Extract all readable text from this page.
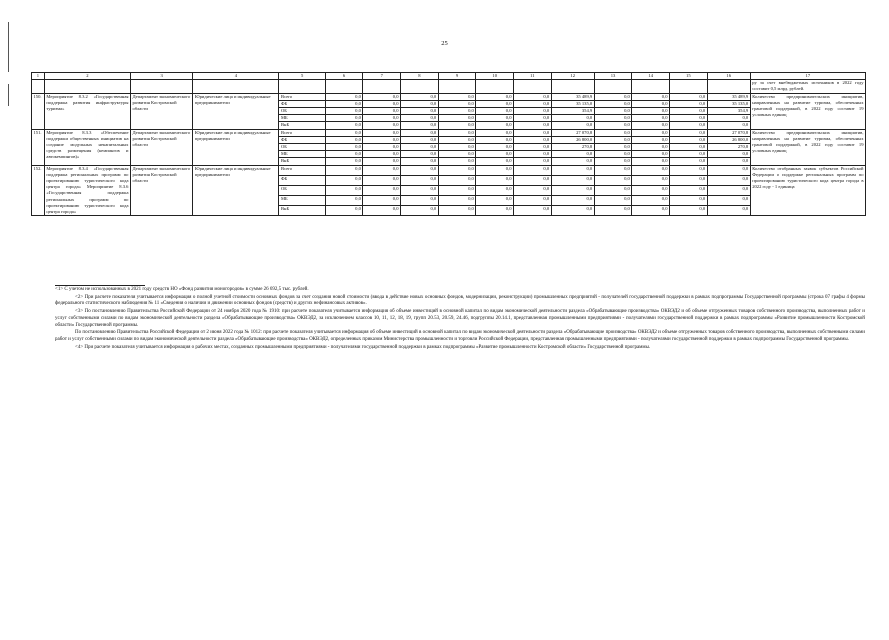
25
1	2	3	4	5	6	7	8	9	10	11	12	13	14	15	16	17
																ру за счет внебюджетных источников в 2022 году составит 0,5 млрд. рублей.
150.	Мероприятие 8.3.2 «Государственная поддержка развития инфраструктуры туризма»	Департамент экономического развития Костромской области	Юридические лица и индивидуальные предприниматели	Всего	0,0	0,0	0,0	0,0	0,0	0,0	35 489,9	0,0	0,0	0,0	35 489,9	Количество предпринимательских инициатив, направленных на развитие туризма, обеспеченных грантовой поддержкой, в 2022 году составит 19 условных единиц
				ФБ	0,0	0,0	0,0	0,0	0,0	0,0	35 135,0	0,0	0,0	0,0	35 135,0	
				ОБ	0,0	0,0	0,0	0,0	0,0	0,0	354,9	0,0	0,0	0,0	354,9	
				МБ	0,0	0,0	0,0	0,0	0,0	0,0	0,0	0,0	0,0	0,0	0,0	
				ВнБ	0,0	0,0	0,0	0,0	0,0	0,0	0,0	0,0	0,0	0,0	0,0	
151.	Мероприятие 8.3.3 «Обеспечение поддержки общественных инициатив на создание модульных некапитальных средств размещения (кемпингов и автокемпингов)»	Департамент экономического развития Костромской области	Юридические лица и индивидуальные предприниматели	Всего	0,0	0,0	0,0	0,0	0,0	0,0	27 070,8	0,0	0,0	0,0	27 070,8	Количество предпринимательских инициатив, направленных на развитие туризма, обеспеченных грантовой поддержкой, в 2022 году составит 19 условных единиц
				ФБ	0,0	0,0	0,0	0,0	0,0	0,0	26 800,0	0,0	0,0	0,0	26 800,0	
				ОБ	0,0	0,0	0,0	0,0	0,0	0,0	270,8	0,0	0,0	0,0	270,8	
				МБ	0,0	0,0	0,0	0,0	0,0	0,0	0,0	0,0	0,0	0,0	0,0	
				ВнБ	0,0	0,0	0,0	0,0	0,0	0,0	0,0	0,0	0,0	0,0	0,0	
152.	Мероприятие 8.3.4 «Государственная поддержка региональных программ по проектированию туристического кода центра города» Мероприятие 8.3.6 «Государственная поддержка региональных программ по проектированию туристического кода центра города»	Департамент экономического развития Костромской области	Юридические лица и индивидуальные предприниматели	Всего	0,0	0,0	0,0	0,0	0,0	0,0	0,0	0,0	0,0	0,0	0,0	Количество отобранных заявок субъектов Российской Федерации о поддержке региональных программ по проектированию туристического кода центра города в 2022 году - 1 единица
				ФБ	0,0	0,0	0,0	0,0	0,0	0,0	0,0	0,0	0,0	0,0	0,0	
				ОБ	0,0	0,0	0,0	0,0	0,0	0,0	0,0	0,0	0,0	0,0	0,0	
				МБ	0,0	0,0	0,0	0,0	0,0	0,0	0,0	0,0	0,0	0,0	0,0	
				ВнБ	0,0	0,0	0,0	0,0	0,0	0,0	0,0	0,0	0,0	0,0	0,0	

<1> С учетом не использованных в 2021 году средств НО «Фонд развития моногородов» в сумме 26 692,5 тыс. рублей.

<2> При расчете показателя учитывается информация о полной учетной стоимости основных фондов за счет создания новой стоимости (ввода в действие новых основных фондов, модернизации, реконструкции) промышленных предприятий - получателей государственной поддержки в рамках подпрограммы Государственной программы (строка 07 графы 4 формы федерального статистического наблюдения № 11 «Сведения о наличии и движении основных фондов (средств) и других нефинансовых активов».

<3> По постановлению Правительства Российской Федерации от 24 ноября 2020 года № 1910: при расчете показателя учитывается информация об объеме инвестиций в основной капитал по видам экономической деятельности раздела «Обрабатывающие производства» ОКВЭД2 и об объеме отгруженных товаров собственного производства, выполненных работ и услуг собственными силами по видам экономической деятельности раздела «Обрабатывающие производства» ОКВЭД2, за исключением классов 10, 11, 12, 18, 19, групп 20.53, 20.59, 24.46, подгруппы 20.14.1, представленная промышленными предприятиями - получателями государственной поддержки в рамках подпрограммы «Развитие промышленности Костромской области» Государственной программы.

По постановлению Правительства Российской Федерации от 2 июня 2022 года № 1012: при расчете показателя учитывается информация об объеме инвестиций в основной капитал по видам экономической деятельности раздела «Обрабатывающие производства» ОКВЭД2 и объеме отгруженных товаров собственного производства, выполненных собственными силами работ и услуг собственными силами по видам экономической деятельности раздела «Обрабатывающие производства» ОКВЭД2, определенных приказом Министерства промышленности и торговли Российской Федерации, представленная промышленными предприятиями - получателями государственной поддержки в рамках подпрограммы Государственной программы.

<4> При расчете показателя учитывается информация о рабочих местах, созданных промышленными предприятиями - получателями государственной поддержки в рамках подпрограммы «Развитие промышленности Костромской области» Государственной программы.
